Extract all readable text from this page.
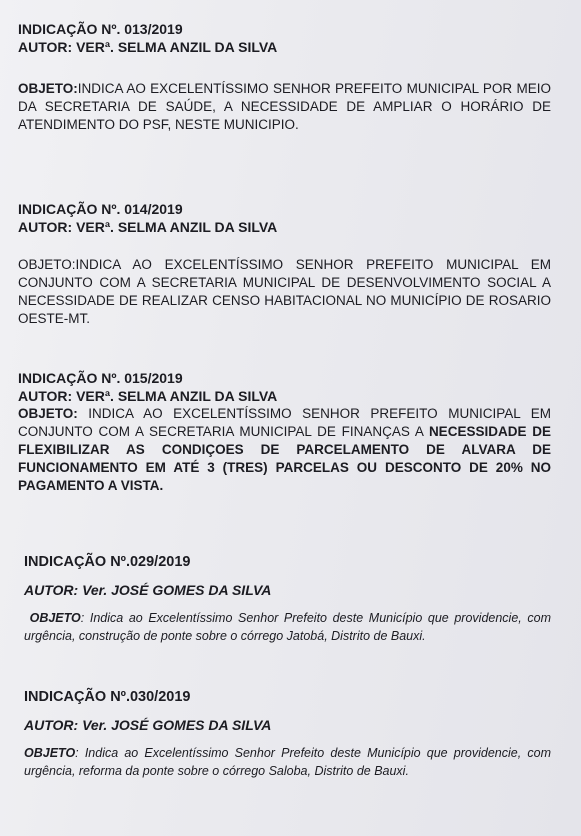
INDICAÇÃO Nº. 013/2019

AUTOR: VERª. SELMA ANZIL DA SILVA

OBJETO:INDICA AO EXCELENTÍSSIMO SENHOR PREFEITO MUNICIPAL POR MEIO DA SECRETARIA DE SAÚDE, A NECESSIDADE DE AMPLIAR O HORÁRIO DE ATENDIMENTO DO PSF, NESTE MUNICIPIO.

INDICAÇÃO Nº. 014/2019

AUTOR: VERª. SELMA ANZIL DA SILVA

OBJETO:INDICA AO EXCELENTÍSSIMO SENHOR PREFEITO MUNICIPAL EM CONJUNTO COM A SECRETARIA MUNICIPAL DE DESENVOLVIMENTO SOCIAL A NECESSIDADE DE REALIZAR CENSO HABITACIONAL NO MUNICÍPIO DE ROSARIO OESTE-MT.

INDICAÇÃO Nº. 015/2019

AUTOR: VERª. SELMA ANZIL DA SILVA

OBJETO: INDICA AO EXCELENTÍSSIMO SENHOR PREFEITO MUNICIPAL EM CONJUNTO COM A SECRETARIA MUNICIPAL DE FINANÇAS A NECESSIDADE DE FLEXIBILIZAR AS CONDIÇOES DE PARCELAMENTO DE ALVARA DE FUNCIONAMENTO EM ATÉ 3 (TRES) PARCELAS OU DESCONTO DE 20% NO PAGAMENTO A VISTA.

INDICAÇÃO Nº.029/2019

AUTOR: Ver. JOSÉ GOMES DA SILVA

OBJETO: Indica ao Excelentíssimo Senhor Prefeito deste Município que providencie, com urgência, construção de ponte sobre o córrego Jatobá, Distrito de Bauxi.

INDICAÇÃO Nº.030/2019

AUTOR: Ver. JOSÉ GOMES DA SILVA

OBJETO: Indica ao Excelentíssimo Senhor Prefeito deste Município que providencie, com urgência, reforma da ponte sobre o córrego Saloba, Distrito de Bauxi.
